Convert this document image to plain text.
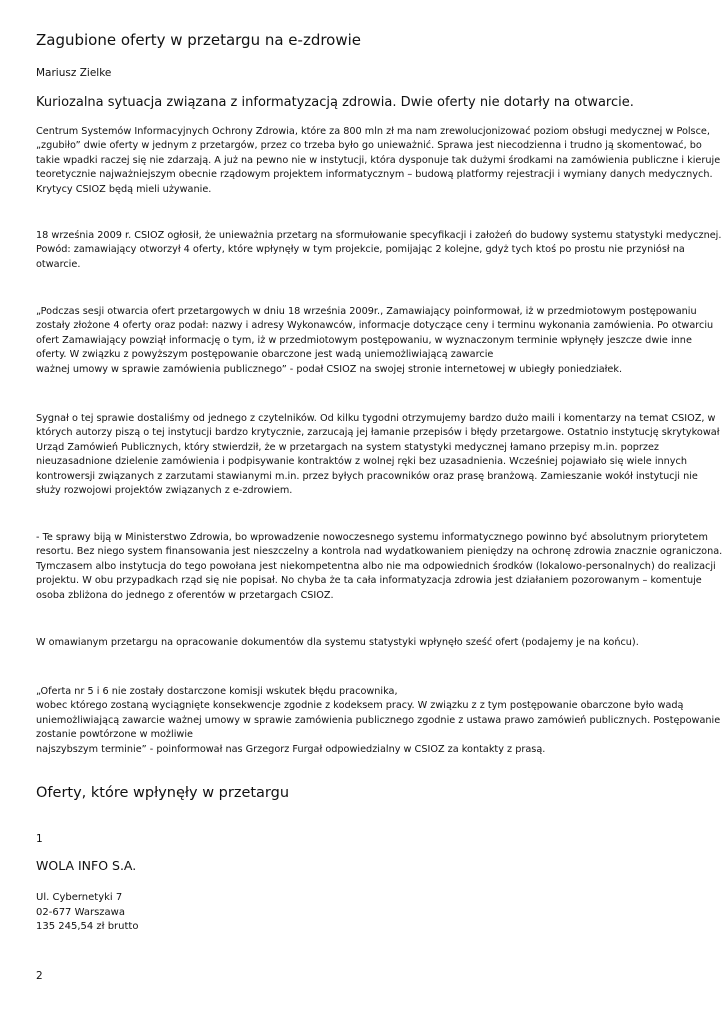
Zagubione oferty w przetargu na e-zdrowie
Mariusz Zielke
Kuriozalna sytuacja związana z informatyzacją zdrowia. Dwie oferty nie dotarły na otwarcie.
Centrum Systemów Informacyjnych Ochrony Zdrowia, które za 800 mln zł ma nam zrewolucjonizować poziom obsługi medycznej w Polsce,
„zgubiło” dwie oferty w jednym z przetargów, przez co trzeba było go unieważnić. Sprawa jest niecodzienna i trudno ją skomentować, bo
takie wpadki raczej się nie zdarzają. A już na pewno nie w instytucji, która dysponuje tak dużymi środkami na zamówienia publiczne i kieruje
teoretycznie najważniejszym obecnie rządowym projektem informatycznym – budową platformy rejestracji i wymiany danych medycznych.
Krytycy CSIOZ będą mieli używanie.
18 września 2009 r. CSIOZ ogłosił, że unieważnia przetarg na sformułowanie specyfikacji i założeń do budowy systemu statystyki medycznej.
Powód: zamawiający otworzył 4 oferty, które wpłynęły w tym projekcie, pomijając 2 kolejne, gdyż tych ktoś po prostu nie przyniósł na
otwarcie.
„Podczas sesji otwarcia ofert przetargowych w dniu 18 września 2009r., Zamawiający poinformował, iż w przedmiotowym postępowaniu
zostały złożone 4 oferty oraz podał: nazwy i adresy Wykonawców, informacje dotyczące ceny i terminu wykonania zamówienia. Po otwarciu
ofert Zamawiający powziął informację o tym, iż w przedmiotowym postępowaniu, w wyznaczonym terminie wpłynęły jeszcze dwie inne
oferty. W związku z powyższym postępowanie obarczone jest wadą uniemożliwiającą zawarcie
ważnej umowy w sprawie zamówienia publicznego” - podał CSIOZ na swojej stronie internetowej w ubiegły poniedziałek.
Sygnał o tej sprawie dostaliśmy od jednego z czytelników. Od kilku tygodni otrzymujemy bardzo dużo maili i komentarzy na temat CSIOZ, w
których autorzy piszą o tej instytucji bardzo krytycznie, zarzucają jej łamanie przepisów i błędy przetargowe. Ostatnio instytucję skrytykował
Urząd Zamówień Publicznych, który stwierdził, że w przetargach na system statystyki medycznej łamano przepisy m.in. poprzez
nieuzasadnione dzielenie zamówienia i podpisywanie kontraktów z wolnej ręki bez uzasadnienia. Wcześniej pojawiało się wiele innych
kontrowersji związanych z zarzutami stawianymi m.in. przez byłych pracowników oraz prasę branżową. Zamieszanie wokół instytucji nie
służy rozwojowi projektów związanych z e-zdrowiem.
- Te sprawy biją w Ministerstwo Zdrowia, bo wprowadzenie nowoczesnego systemu informatycznego powinno być absolutnym priorytetem
resortu. Bez niego system finansowania jest nieszczelny a kontrola nad wydatkowaniem pieniędzy na ochronę zdrowia znacznie ograniczona.
Tymczasem albo instytucja do tego powołana jest niekompetentna albo nie ma odpowiednich środków (lokalowo-personalnych) do realizacji
projektu. W obu przypadkach rząd się nie popisał. No chyba że ta cała informatyzacja zdrowia jest działaniem pozorowanym – komentuje
osoba zbliżona do jednego z oferentów w przetargach CSIOZ.
W omawianym przetargu na opracowanie dokumentów dla systemu statystyki wpłynęło sześć ofert (podajemy je na końcu).
„Oferta nr 5 i 6 nie zostały dostarczone komisji wskutek błędu pracownika,
wobec którego zostaną wyciągnięte konsekwencje zgodnie z kodeksem pracy. W związku z z tym postępowanie obarczone było wadą
uniemożliwiającą zawarcie ważnej umowy w sprawie zamówienia publicznego zgodnie z ustawa prawo zamówień publicznych. Postępowanie
zostanie powtórzone w możliwie
najszybszym terminie” - poinformował nas Grzegorz Furgał odpowiedzialny w CSIOZ za kontakty z prasą.
Oferty, które wpłynęły w przetargu
1
WOLA INFO S.A.
Ul. Cybernetyki 7
02-677 Warszawa
135 245,54 zł brutto
2
